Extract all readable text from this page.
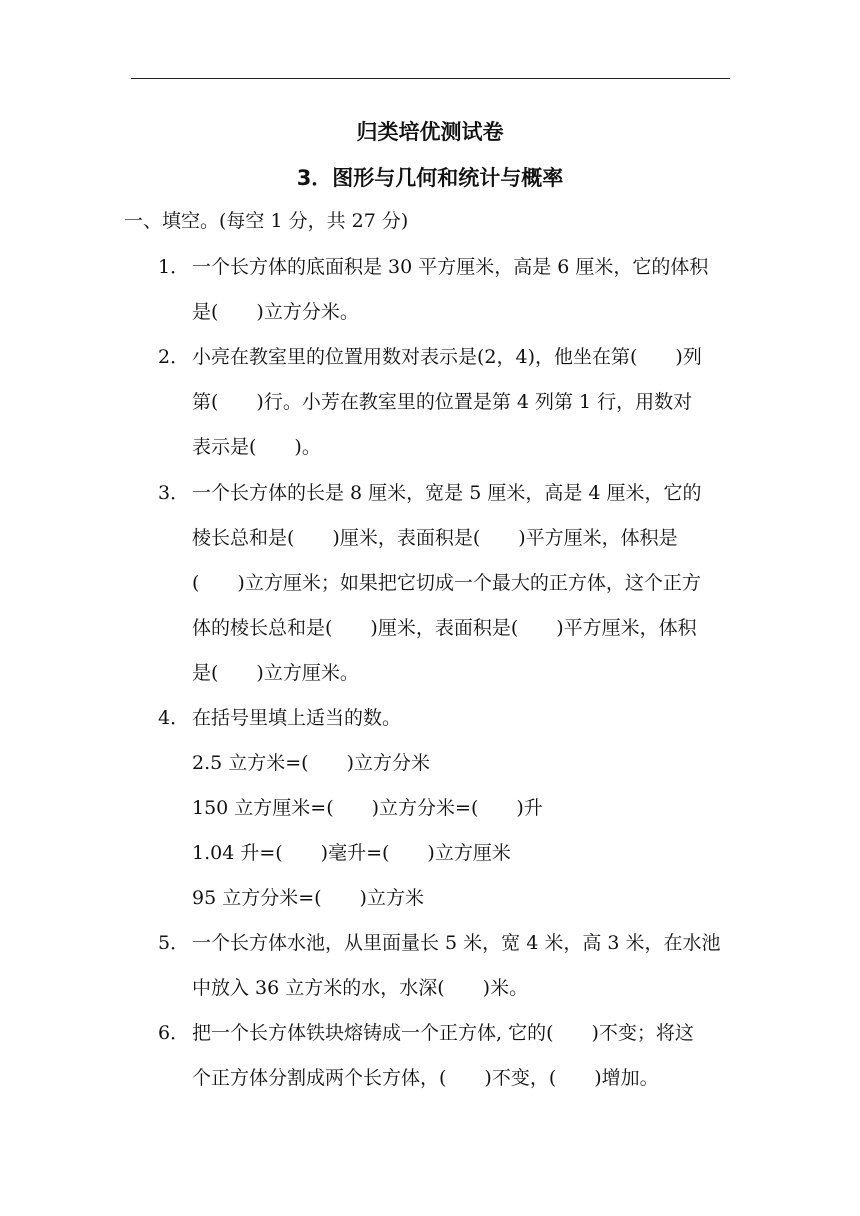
归类培优测试卷
3．图形与几何和统计与概率
一、填空。(每空 1 分，共 27 分)
1． 一个长方体的底面积是 30 平方厘米，高是 6 厘米，它的体积
是(　　)立方分米。
2． 小亮在教室里的位置用数对表示是(2，4)，他坐在第(　　)列
第(　　)行。小芳在教室里的位置是第 4 列第 1 行，用数对
表示是(　　)。
3． 一个长方体的长是 8 厘米，宽是 5 厘米，高是 4 厘米，它的
棱长总和是(　　)厘米，表面积是(　　)平方厘米，体积是
(　　)立方厘米；如果把它切成一个最大的正方体，这个正方
体的棱长总和是(　　)厘米，表面积是(　　)平方厘米，体积
是(　　)立方厘米。
4． 在括号里填上适当的数。
2.5 立方米=(　　)立方分米
150 立方厘米=(　　)立方分米=(　　)升
1.04 升=(　　)毫升=(　　)立方厘米
95 立方分米=(　　)立方米
5． 一个长方体水池，从里面量长 5 米，宽 4 米，高 3 米，在水池
中放入 36 立方米的水，水深(　　)米。
6． 把一个长方体铁块熔铸成一个正方体, 它的(　　)不变；将这
个正方体分割成两个长方体，(　　)不变，(　　)增加。
